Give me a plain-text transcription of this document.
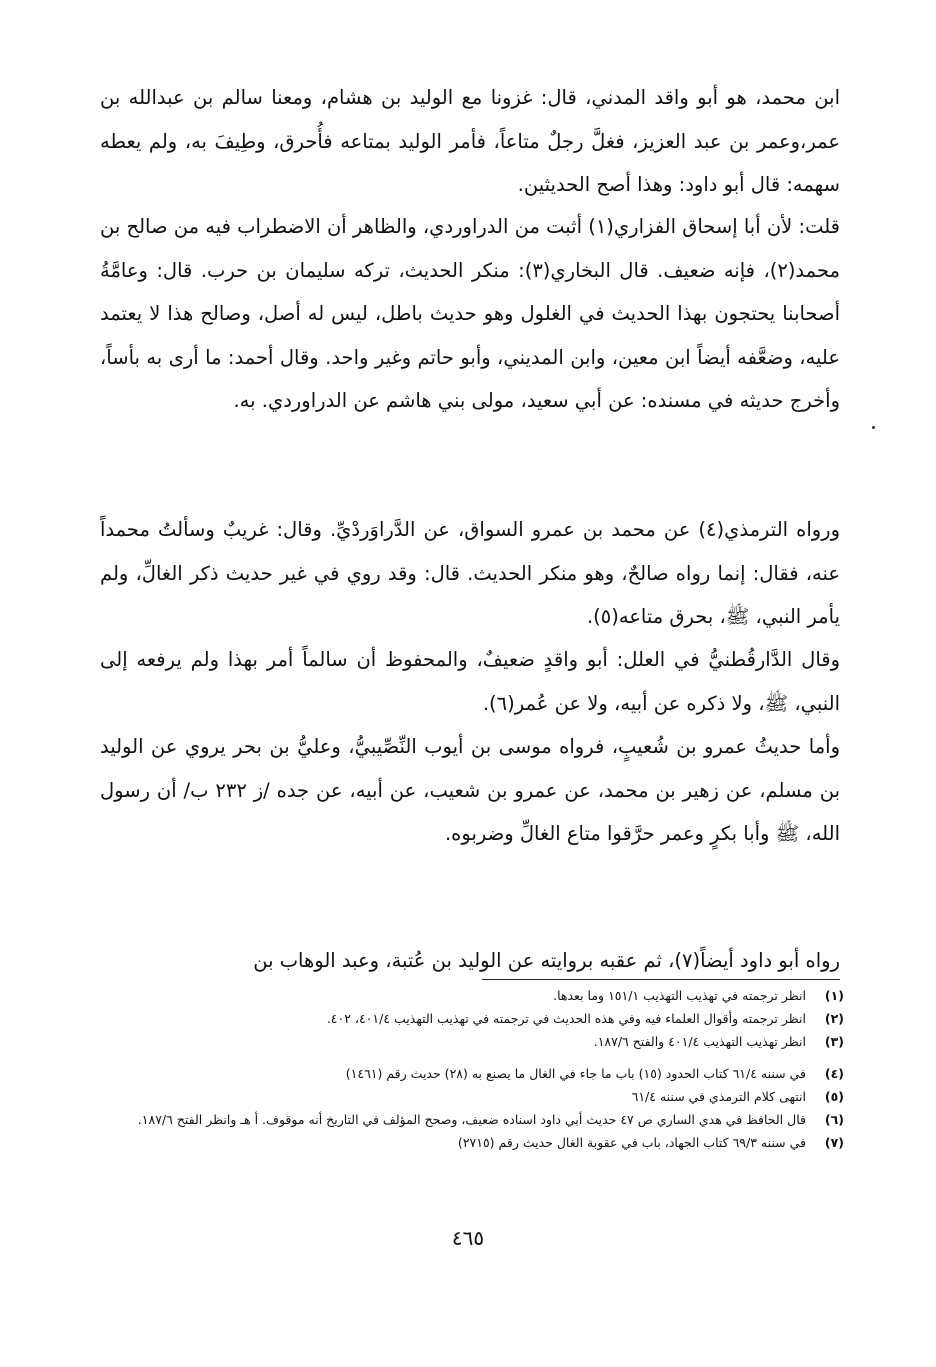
ابن محمد، هو أبو واقد المدني، قال: غزونا مع الوليد بن هشام، ومعنا سالم بن عبدالله بن عمر،وعمر بن عبد العزيز، فغلَّ رجلٌ متاعاً، فأمر الوليد بمتاعه فأُحرق، وطِيفَ به، ولم يعطه سهمه: قال أبو داود: وهذا أصح الحديثين.

قلت: لأن أبا إسحاق الفزاري(١) أثبت من الدراوردي، والظاهر أن الاضطراب فيه من صالح بن محمد(٢)، فإنه ضعيف. قال البخاري(٣): منكر الحديث، تركه سليمان بن حرب. قال: وعامَّةُ أصحابنا يحتجون بهذا الحديث في الغلول وهو حديث باطل، ليس له أصل، وصالح هذا لا يعتمد عليه، وضعَّفه أيضاً ابن معين، وابن المديني، وأبو حاتم وغير واحد. وقال أحمد: ما أرى به بأساً، وأخرج حديثه في مسنده: عن أبي سعيد، مولى بني هاشم عن الدراوردي. به.

ورواه الترمذي(٤) عن محمد بن عمرو السواق، عن الدَّراوَردْيِّ. وقال: غريبٌ وسألتُ محمداً عنه، فقال: إنما رواه صالحٌ، وهو منكر الحديث. قال: وقد روي في غير حديث ذكر الغالِّ، ولم يأمر النبي، ﷺ، بحرق متاعه(٥).

وقال الدَّارقُطنيُّ في العلل: أبو واقدٍ ضعيفٌ، والمحفوظ أن سالماً أمر بهذا ولم يرفعه إلى النبي، ﷺ، ولا ذكره عن أبيه، ولا عن عُمر(٦).

وأما حديثُ عمرو بن شُعيبٍ، فرواه موسى بن أيوب النِّصِّيبيُّ، وعليُّ بن بحر يروي عن الوليد بن مسلم، عن زهير بن محمد، عن عمرو بن شعيب، عن أبيه، عن جده /ز ٢٣٢ ب/ أن رسول الله، ﷺ وأبا بكرٍ وعمر حرَّقوا متاع الغالِّ وضربوه.

رواه أبو داود أيضاً(٧)، ثم عقبه بروايته عن الوليد بن عُتبة، وعبد الوهاب بن

(١)
انظر ترجمته في تهذيب التهذيب ١٥١/١ وما بعدها.
(٢)
انظر ترجمته وأقوال العلماء فيه وفي هذه الحديث في ترجمته في تهذيب التهذيب ٤٠١/٤، ٤٠٢.
(٣)
انظر تهذيب التهذيب ٤٠١/٤ والفتح ١٨٧/٦.
(٤)
في سننه ٦١/٤ كتاب الحدود (١٥) باب ما جاء في الغال ما يصنع به (٢٨) حديث رقم (١٤٦١)
(٥)
انتهى كلام الترمذي في سننه ٦١/٤
(٦)
قال الحافظ في هدي الساري ص ٤٧ حديث أبي داود اسناده ضعيف، وصحح المؤلف في التاريخ أنه موقوف. أ هـ وانظر الفتح ١٨٧/٦.
(٧)
في سننه ٦٩/٣ كتاب الجهاد، باب في عقوبة الغال حديث رقم (٢٧١٥)
٤٦٥
